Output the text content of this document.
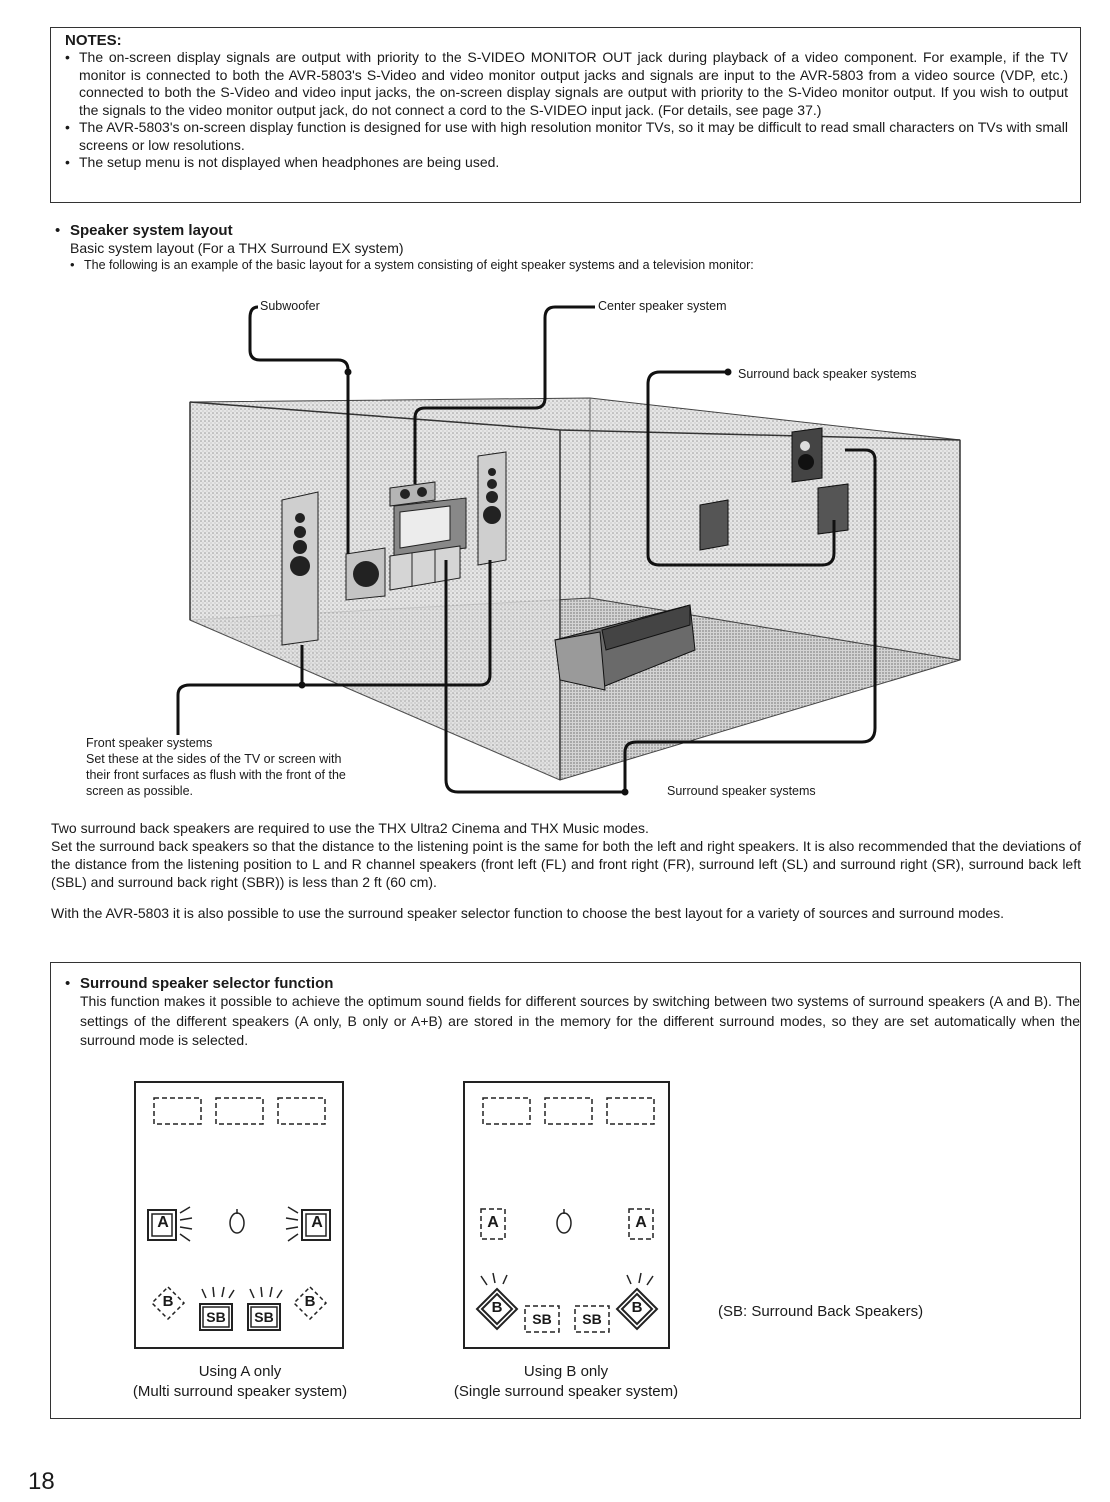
NOTES:
• The on-screen display signals are output with priority to the S-VIDEO MONITOR OUT jack during playback of a video component. For example, if the TV monitor is connected to both the AVR-5803's S-Video and video monitor output jacks and signals are input to the AVR-5803 from a video source (VDP, etc.) connected to both the S-Video and video input jacks, the on-screen display signals are output with priority to the S-Video monitor output. If you wish to output the signals to the video monitor output jack, do not connect a cord to the S-VIDEO input jack. (For details, see page 37.)
• The AVR-5803's on-screen display function is designed for use with high resolution monitor TVs, so it may be difficult to read small characters on TVs with small screens or low resolutions.
• The setup menu is not displayed when headphones are being used.
• Speaker system layout
Basic system layout (For a THX Surround EX system)
• The following is an example of the basic layout for a system consisting of eight speaker systems and a television monitor:
Subwoofer	Center speaker system
Surround back speaker systems
Front speaker systems
Set these at the sides of the TV or screen with
their front surfaces as flush with the front of the
screen as possible.	Surround speaker systems
Two surround back speakers are required to use the THX Ultra2 Cinema and THX Music modes.
Set the surround back speakers so that the distance to the listening point is the same for both the left and right speakers. It is also recommended that the deviations of the distance from the listening position to L and R channel speakers (front left (FL) and front right (FR), surround left (SL) and surround right (SR), surround back left (SBL) and surround back right (SBR)) is less than 2 ft (60 cm).
With the AVR-5803 it is also possible to use the surround speaker selector function to choose the best layout for a variety of sources and surround modes.
• Surround speaker selector function
This function makes it possible to achieve the optimum sound fields for different sources by switching between two systems of surround speakers (A and B). The settings of the different speakers (A only, B only or A+B) are stored in the memory for the different surround modes, so they are set automatically when the surround mode is selected.
A	A
B	B
SB SB
Using A only
(Multi surround speaker system)
A	A
B	B
SB	SB
Using B only
(Single surround speaker system)
(SB: Surround Back Speakers)
18
